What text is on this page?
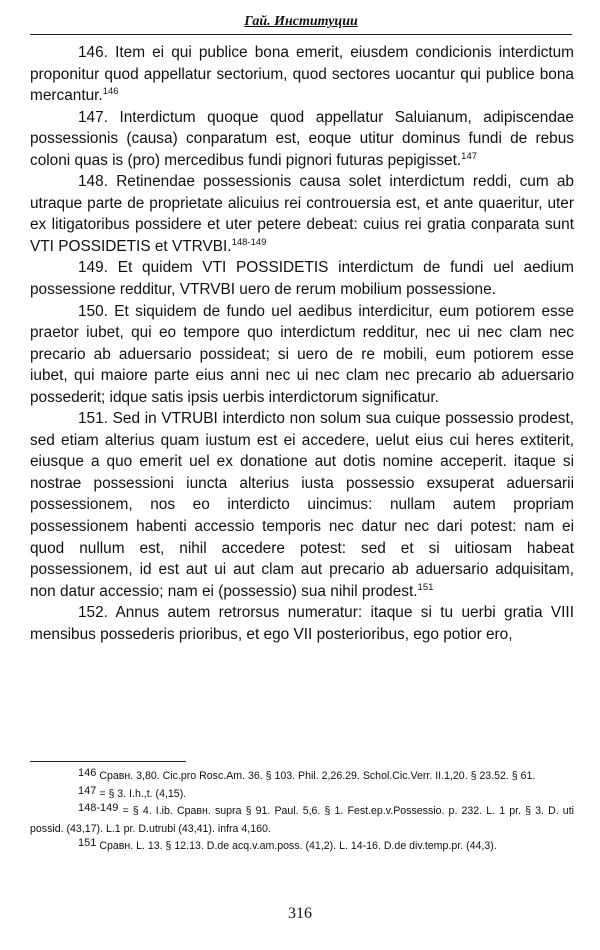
Гай. Институции

146. Item ei qui publice bona emerit, eiusdem condicionis interdictum proponitur quod appellatur sectorium, quod sectores uocantur qui publice bona mercantur.$^{146}$

147. Interdictum quoque quod appellatur Saluianum, adipiscendae possessionis (causa) conparatum est, eoque utitur dominus fundi de rebus coloni quas is (pro) mercedibus fundi pignori futuras pepigisset.$^{147}$

148. Retinendae possessionis causa solet interdictum reddi, cum ab utraque parte de proprietate alicuius rei controuersia est, et ante quaeritur, uter ex litigatoribus possidere et uter petere debeat: cuius rei gratia conparata sunt VTI POSSIDETIS et VTRVBI.$^{148-149}$

149. Et quidem VTI POSSIDETIS interdictum de fundi uel aedium possessione redditur, VTRVBI uero de rerum mobilium possessione.

150. Et siquidem de fundo uel aedibus interdicitur, eum potiorem esse praetor iubet, qui eo tempore quo interdictum redditur, nec ui nec clam nec precario ab aduersario possideat; si uero de re mobili, eum potiorem esse iubet, qui maiore parte eius anni nec ui nec clam nec precario ab aduersario possederit; idque satis ipsis uerbis interdictorum significatur.

151. Sed in VTRUBI interdicto non solum sua cuique possessio prodest, sed etiam alterius quam iustum est ei accedere, uelut eius cui heres extiterit, eiusque a quo emerit uel ex donatione aut dotis nomine acceperit. itaque si nostrae possessioni iuncta alterius iusta possessio exsuperat aduersarii possessionem, nos eo interdicto uincimus: nullam autem propriam possessionem habenti accessio temporis nec datur nec dari potest: nam ei quod nullum est, nihil accedere potest: sed et si uitiosam habeat possessionem, id est aut ui aut clam aut precario ab aduersario adquisitam, non datur accessio; nam ei (possessio) sua nihil prodest.$^{151}$

152. Annus autem retrorsus numeratur: itaque si tu uerbi gratia VIII mensibus possederis prioribus, et ego VII posterioribus, ego potior ero,

$^{146}$ Сравн. 3,80. Cic.pro Rosc.Am. 36. § 103. Phil. 2,26.29. Schol.Cic.Verr. II.1,20. § 23.52. § 61.

$^{147}$ = § 3. I.h.,t. (4,15).

$^{148-149}$ = § 4. I.ib. Сравн. supra § 91. Paul. 5,6. § 1. Fest.ep.v.Possessio. p. 232. L. 1 pr. § 3. D. uti possid. (43,17). L.1 pr. D.utrubi (43,41). infra 4,160.

$^{151}$ Сравн. L. 13. § 12.13. D.de acq.v.am.poss. (41,2). L. 14-16. D.de div.temp.pr. (44,3).

316
